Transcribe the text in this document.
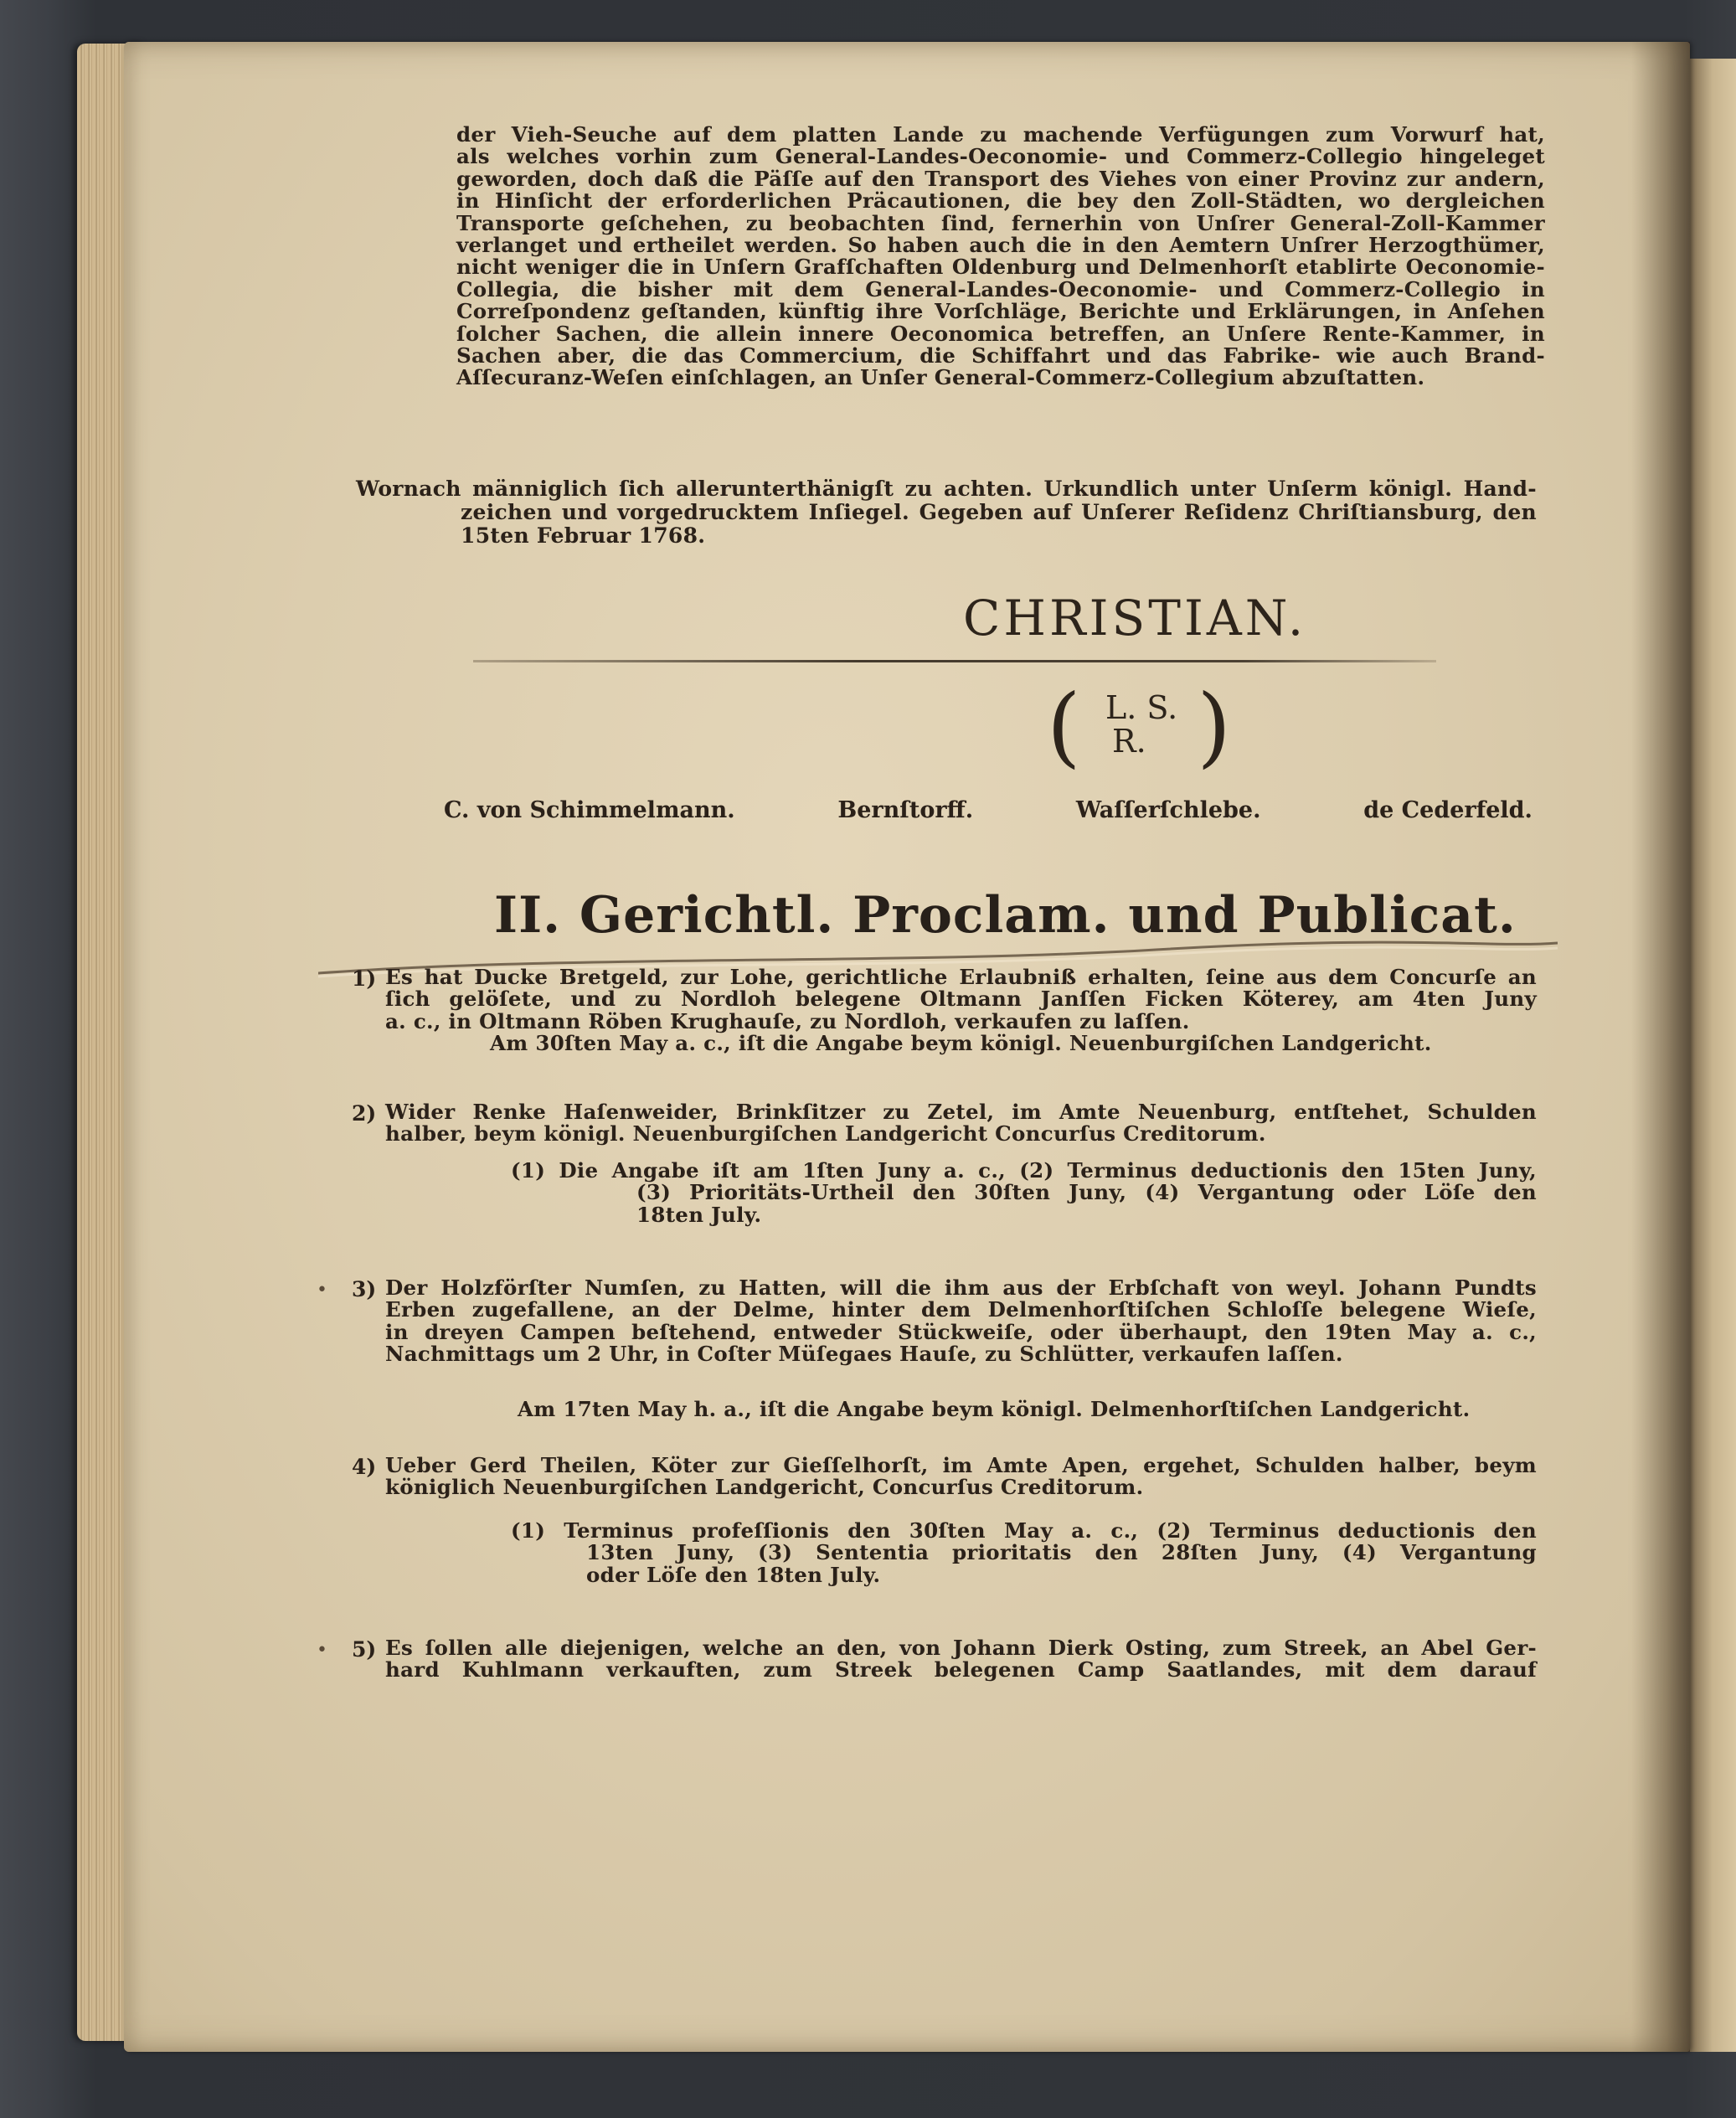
der Vieh-Seuche auf dem platten Lande zu machende Verfügungen zum Vorwurf hat,
als welches vorhin zum General-Landes-Oeconomie- und Commerz-Collegio hingeleget
geworden, doch daß die Päſſe auf den Transport des Viehes von einer Provinz zur andern,
in Hinſicht der erforderlichen Präcautionen, die bey den Zoll-Städten, wo dergleichen
Transporte geſchehen, zu beobachten ſind, fernerhin von Unſrer General-Zoll-Kammer
verlanget und ertheilet werden. So haben auch die in den Aemtern Unſrer Herzogthümer,
nicht weniger die in Unſern Grafſchaften Oldenburg und Delmenhorſt etablirte Oeconomie-
Collegia, die bisher mit dem General-Landes-Oeconomie- und Commerz-Collegio in
Correſpondenz geſtanden, künftig ihre Vorſchläge, Berichte und Erklärungen, in Anſehen
ſolcher Sachen, die allein innere Oeconomica betreffen, an Unſere Rente-Kammer, in
Sachen aber, die das Commercium, die Schiffahrt und das Fabrike- wie auch Brand-
Aſſecuranz-Weſen einſchlagen, an Unſer General-Commerz-Collegium abzuſtatten.
Wornach männiglich ſich allerunterthänigſt zu achten. Urkundlich unter Unſerm königl. Hand-
zeichen und vorgedrucktem Inſiegel. Gegeben auf Unſerer Reſidenz Chriſtiansburg, den
15ten Februar 1768.
CHRISTIAN.
( L. S.
R. )
C. von Schimmelmann.	Bernſtorff.	Waſſerſchlebe.	de Cederfeld.
II. Gerichtl. Proclam. und Publicat.
1) Es hat Ducke Bretgeld, zur Lohe, gerichtliche Erlaubniß erhalten, ſeine aus dem Concurſe an
ſich gelöſete, und zu Nordloh belegene Oltmann Janſſen Ficken Köterey, am 4ten Juny
a. c., in Oltmann Röben Krughauſe, zu Nordloh, verkaufen zu laſſen.
Am 30ſten May a. c., iſt die Angabe beym königl. Neuenburgiſchen Landgericht.
2) Wider Renke Haſenweider, Brinkſitzer zu Zetel, im Amte Neuenburg, entſtehet, Schulden
halber, beym königl. Neuenburgiſchen Landgericht Concurſus Creditorum.
(1) Die Angabe iſt am 1ſten Juny a. c., (2) Terminus deductionis den 15ten Juny,
(3) Prioritäts-Urtheil den 30ſten Juny, (4) Vergantung oder Löſe den
18ten July.
• 3) Der Holzförſter Numſen, zu Hatten, will die ihm aus der Erbſchaft von weyl. Johann Pundts
Erben zugefallene, an der Delme, hinter dem Delmenhorſtiſchen Schloſſe belegene Wieſe,
in dreyen Campen beſtehend, entweder Stückweiſe, oder überhaupt, den 19ten May a. c.,
Nachmittags um 2 Uhr, in Coſter Müſegaes Hauſe, zu Schlütter, verkaufen laſſen.
Am 17ten May h. a., iſt die Angabe beym königl. Delmenhorſtiſchen Landgericht.
4) Ueber Gerd Theilen, Köter zur Gieſſelhorſt, im Amte Apen, ergehet, Schulden halber, beym
königlich Neuenburgiſchen Landgericht, Concurſus Creditorum.
(1) Terminus profeſſionis den 30ſten May a. c., (2) Terminus deductionis den
13ten Juny, (3) Sententia prioritatis den 28ſten Juny, (4) Vergantung
oder Löſe den 18ten July.
• 5) Es ſollen alle diejenigen, welche an den, von Johann Dierk Osting, zum Streek, an Abel Ger-
hard Kuhlmann verkauften, zum Streek belegenen Camp Saatlandes, mit dem darauf
